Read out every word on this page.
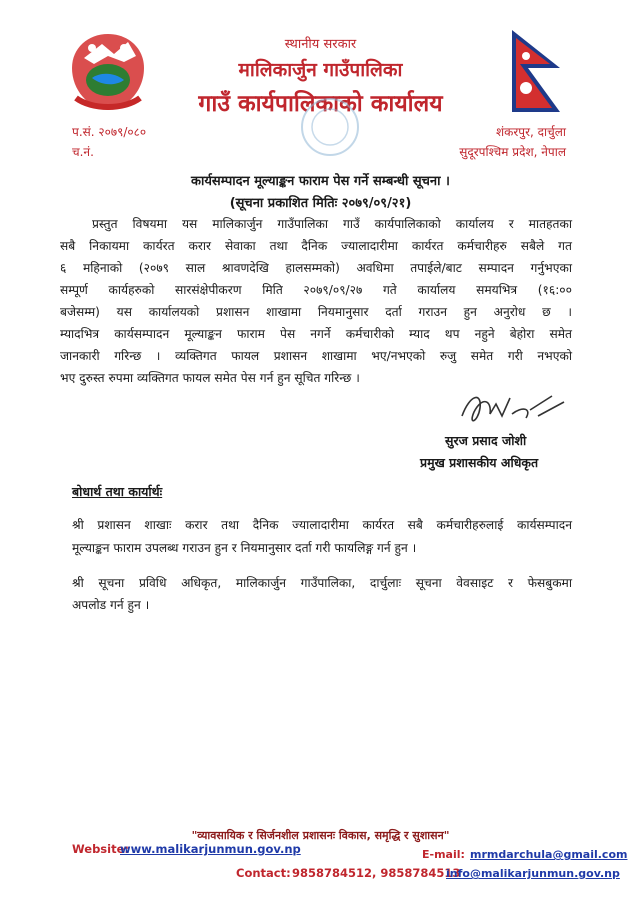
स्थानीय सरकार
मालिकार्जुन गाउँपालिका
गाउँ कार्यपालिकाको कार्यालय
प.सं. २०७९/०८०
च.नं.
शंकरपुर, दार्चुला
सुदूरपश्चिम प्रदेश, नेपाल
कार्यसम्पादन मूल्याङ्कन फाराम पेस गर्ने सम्बन्धी सूचना ।
(सूचना प्रकाशित मितिः २०७९/०९/२१)
प्रस्तुत विषयमा यस मालिकार्जुन गाउँपालिका गाउँ कार्यपालिकाको कार्यालय र मातहतका
सबै निकायमा कार्यरत करार सेवाका तथा दैनिक ज्यालादारीमा कार्यरत कर्मचारीहरु सबैले गत
६ महिनाको (२०७९ साल श्रावणदेखि हालसम्मको) अवधिमा तपाईले/बाट सम्पादन गर्नुभएका
सम्पूर्ण कार्यहरुको सारसंक्षेपीकरण मिति २०७९/०९/२७ गते कार्यालय समयभित्र (१६:००
बजेसम्म) यस कार्यालयको प्रशासन शाखामा नियमानुसार दर्ता गराउन हुन अनुरोध छ ।
म्यादभित्र कार्यसम्पादन मूल्याङ्कन फाराम पेस नगर्ने कर्मचारीको म्याद थप नहुने बेहोरा समेत
जानकारी गरिन्छ । व्यक्तिगत फायल प्रशासन शाखामा भए/नभएको रुजु समेत गरी नभएको
भए दुरुस्त रुपमा व्यक्तिगत फायल समेत पेस गर्न हुन सूचित गरिन्छ ।
सुरज प्रसाद जोशी
प्रमुख प्रशासकीय अधिकृत
बोधार्थ तथा कार्यार्थः
श्री प्रशासन शाखाः करार तथा दैनिक ज्यालादारीमा कार्यरत सबै कर्मचारीहरुलाई कार्यसम्पादन
मूल्याङ्कन फाराम उपलब्ध गराउन हुन र नियमानुसार दर्ता गरी फायलिङ्ग गर्न हुन ।
श्री सूचना प्रविधि अधिकृत, मालिकार्जुन गाउँपालिका, दार्चुलाः सूचना वेवसाइट र फेसबुकमा
अपलोड गर्न हुन ।
"व्यावसायिक र सिर्जनशील प्रशासनः विकास, समृद्धि र सुशासन"
Website:
www.malikarjunmun.gov.np	E-mail: mrmdarchula@gmail.com
Contact: 9858784512, 9858784513
info@malikarjunmun.gov.np
